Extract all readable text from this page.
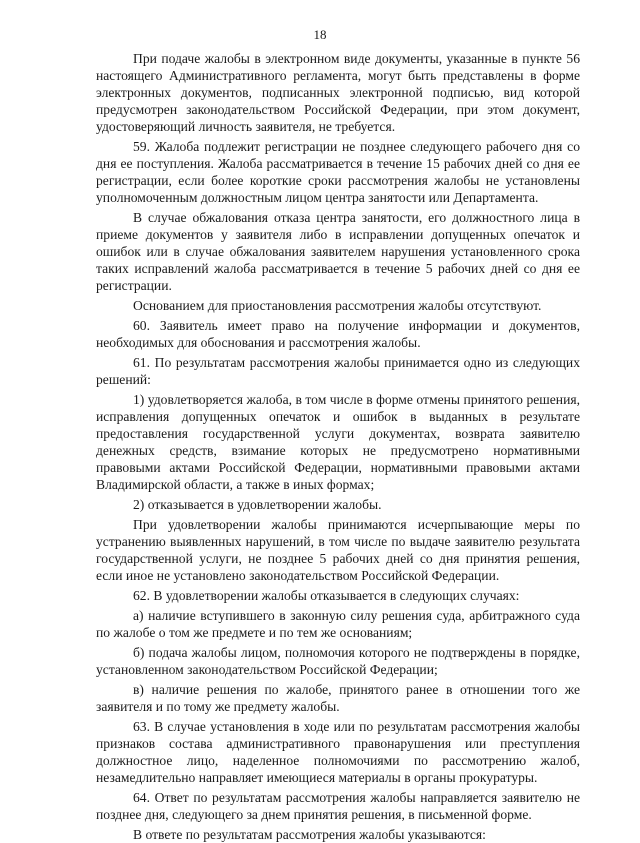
18

При подаче жалобы в электронном виде документы, указанные в пункте 56 настоящего Административного регламента, могут быть представлены в форме электронных документов, подписанных электронной подписью, вид которой предусмотрен законодательством Российской Федерации, при этом документ, удостоверяющий личность заявителя, не требуется.

59. Жалоба подлежит регистрации не позднее следующего рабочего дня со дня ее поступления. Жалоба рассматривается в течение 15 рабочих дней со дня ее регистрации, если более короткие сроки рассмотрения жалобы не установлены уполномоченным должностным лицом центра занятости или Департамента.

В случае обжалования отказа центра занятости, его должностного лица в приеме документов у заявителя либо в исправлении допущенных опечаток и ошибок или в случае обжалования заявителем нарушения установленного срока таких исправлений жалоба рассматривается в течение 5 рабочих дней со дня ее регистрации.

Основанием для приостановления рассмотрения жалобы отсутствуют.

60. Заявитель имеет право на получение информации и документов, необходимых для обоснования и рассмотрения жалобы.

61. По результатам рассмотрения жалобы принимается одно из следующих решений:

1) удовлетворяется жалоба, в том числе в форме отмены принятого решения, исправления допущенных опечаток и ошибок в выданных в результате предоставления государственной услуги документах, возврата заявителю денежных средств, взимание которых не предусмотрено нормативными правовыми актами Российской Федерации, нормативными правовыми актами Владимирской области, а также в иных формах;

2) отказывается в удовлетворении жалобы.

При удовлетворении жалобы принимаются исчерпывающие меры по устранению выявленных нарушений, в том числе по выдаче заявителю результата государственной услуги, не позднее 5 рабочих дней со дня принятия решения, если иное не установлено законодательством Российской Федерации.

62. В удовлетворении жалобы отказывается в следующих случаях:

а) наличие вступившего в законную силу решения суда, арбитражного суда по жалобе о том же предмете и по тем же основаниям;

б) подача жалобы лицом, полномочия которого не подтверждены в порядке, установленном законодательством Российской Федерации;

в) наличие решения по жалобе, принятого ранее в отношении того же заявителя и по тому же предмету жалобы.

63. В случае установления в ходе или по результатам рассмотрения жалобы признаков состава административного правонарушения или преступления должностное лицо, наделенное полномочиями по рассмотрению жалоб, незамедлительно направляет имеющиеся материалы в органы прокуратуры.

64. Ответ по результатам рассмотрения жалобы направляется заявителю не позднее дня, следующего за днем принятия решения, в письменной форме.

В ответе по результатам рассмотрения жалобы указываются:
